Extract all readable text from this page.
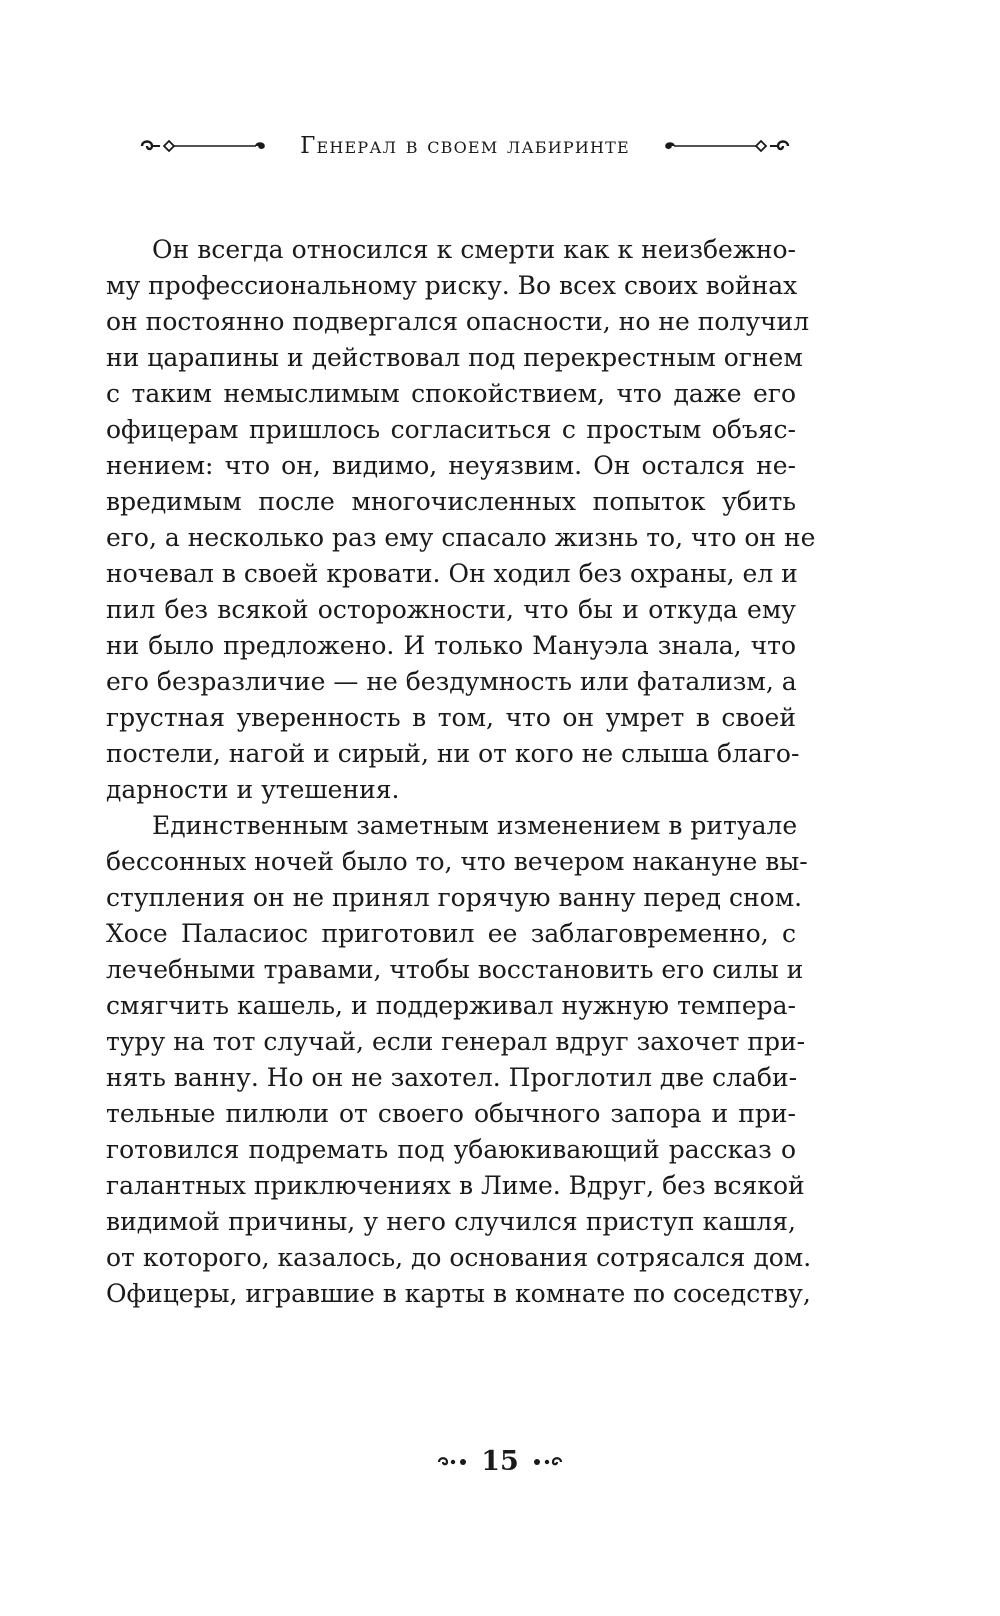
Генерал в своем лабиринте
Он всегда относился к смерти как к неизбежно-
му профессиональному риску. Во всех своих войнах
он постоянно подвергался опасности, но не получил
ни царапины и действовал под перекрестным огнем
с таким немыслимым спокойствием, что даже его
офицерам пришлось согласиться с простым объяс-
нением: что он, видимо, неуязвим. Он остался не-
вредимым после многочисленных попыток убить
его, а несколько раз ему спасало жизнь то, что он не
ночевал в своей кровати. Он ходил без охраны, ел и
пил без всякой осторожности, что бы и откуда ему
ни было предложено. И только Мануэла знала, что
его безразличие — не бездумность или фатализм, а
грустная уверенность в том, что он умрет в своей
постели, нагой и сирый, ни от кого не слыша благо-
дарности и утешения.
Единственным заметным изменением в ритуале
бессонных ночей было то, что вечером накануне вы-
ступления он не принял горячую ванну перед сном.
Хосе Паласиос приготовил ее заблаговременно, с
лечебными травами, чтобы восстановить его силы и
смягчить кашель, и поддерживал нужную темпера-
туру на тот случай, если генерал вдруг захочет при-
нять ванну. Но он не захотел. Проглотил две слаби-
тельные пилюли от своего обычного запора и при-
готовился подремать под убаюкивающий рассказ о
галантных приключениях в Лиме. Вдруг, без всякой
видимой причины, у него случился приступ кашля,
от которого, казалось, до основания сотрясался дом.
Офицеры, игравшие в карты в комнате по соседству,
15
